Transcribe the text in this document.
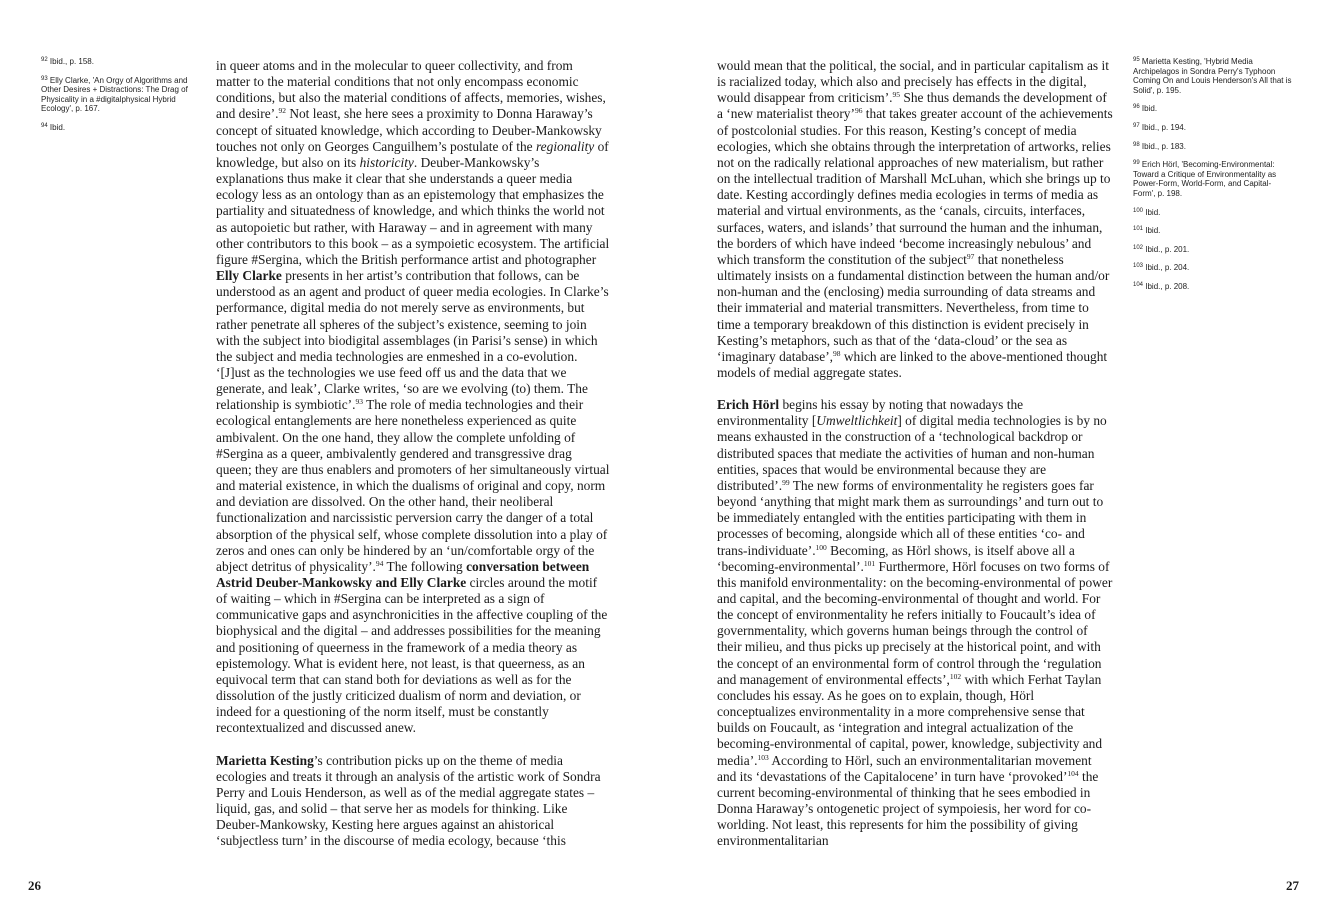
$^{92}$ Ibid., p. 158.
$^{93}$ Elly Clarke, 'An Orgy of Algorithms and Other Desires + Distractions: The Drag of Physicality in a #digitalphysical Hybrid Ecology', p. 167.
$^{94}$ Ibid.

in queer atoms and in the molecular to queer collectivity, and from matter to the material conditions that not only encompass economic conditions, but also the material conditions of affects, memories, wishes, and desire’.$^{92}$ Not least, she here sees a proximity to Donna Haraway’s concept of situated knowledge, which according to Deuber-Mankowsky touches not only on Georges Canguilhem’s postulate of the regionality of knowledge, but also on its historicity. Deuber-Mankowsky’s explanations thus make it clear that she understands a queer media ecology less as an ontology than as an epistemology that emphasizes the partiality and situatedness of knowledge, and which thinks the world not as autopoietic but rather, with Haraway – and in agreement with many other contributors to this book – as a sympoietic ecosystem. The artificial figure #Sergina, which the British performance artist and photographer Elly Clarke presents in her artist’s contribution that follows, can be understood as an agent and product of queer media ecologies. In Clarke’s performance, digital media do not merely serve as environments, but rather penetrate all spheres of the subject’s existence, seeming to join with the subject into biodigital assemblages (in Parisi’s sense) in which the subject and media technologies are enmeshed in a co-evolution. ‘[J]ust as the technologies we use feed off us and the data that we generate, and leak’, Clarke writes, ‘so are we evolving (to) them. The relationship is symbiotic’.$^{93}$ The role of media technologies and their ecological entanglements are here nonetheless experienced as quite ambivalent. On the one hand, they allow the complete unfolding of #Sergina as a queer, ambivalently gendered and transgressive drag queen; they are thus enablers and promoters of her simultaneously virtual and material existence, in which the dualisms of original and copy, norm and deviation are dissolved. On the other hand, their neoliberal functionalization and narcissistic perversion carry the danger of a total absorption of the physical self, whose complete dissolution into a play of zeros and ones can only be hindered by an ‘un/comfortable orgy of the abject detritus of physicality’.$^{94}$ The following conversation between Astrid Deuber-Mankowsky and Elly Clarke circles around the motif of waiting – which in #Sergina can be interpreted as a sign of communicative gaps and asynchronicities in the affective coupling of the biophysical and the digital – and addresses possibilities for the meaning and positioning of queerness in the framework of a media theory as epistemology. What is evident here, not least, is that queerness, as an equivocal term that can stand both for deviations as well as for the dissolution of the justly criticized dualism of norm and deviation, or indeed for a questioning of the norm itself, must be constantly recontextualized and discussed anew.

Marietta Kesting’s contribution picks up on the theme of media ecologies and treats it through an analysis of the artistic work of Sondra Perry and Louis Henderson, as well as of the medial aggregate states – liquid, gas, and solid – that serve her as models for thinking. Like Deuber-Mankowsky, Kesting here argues against an ahistorical ‘subjectless turn’ in the discourse of media ecology, because ‘this

26

would mean that the political, the social, and in particular capitalism as it is racialized today, which also and precisely has effects in the digital, would disappear from criticism’.$^{95}$ She thus demands the development of a ‘new materialist theory’$^{96}$ that takes greater account of the achievements of postcolonial studies. For this reason, Kesting’s concept of media ecologies, which she obtains through the interpretation of artworks, relies not on the radically relational approaches of new materialism, but rather on the intellectual tradition of Marshall McLuhan, which she brings up to date. Kesting accordingly defines media ecologies in terms of media as material and virtual environments, as the ‘canals, circuits, interfaces, surfaces, waters, and islands’ that surround the human and the inhuman, the borders of which have indeed ‘become increasingly nebulous’ and which transform the constitution of the subject$^{97}$ that nonetheless ultimately insists on a fundamental distinction between the human and/or non-human and the (enclosing) media surrounding of data streams and their immaterial and material transmitters. Nevertheless, from time to time a temporary breakdown of this distinction is evident precisely in Kesting’s metaphors, such as that of the ‘data-cloud’ or the sea as ‘imaginary database’,$^{98}$ which are linked to the above-mentioned thought models of medial aggregate states.

Erich Hörl begins his essay by noting that nowadays the environmentality [Umweltlichkeit] of digital media technologies is by no means exhausted in the construction of a ‘technological backdrop or distributed spaces that mediate the activities of human and non-human entities, spaces that would be environmental because they are distributed’.$^{99}$ The new forms of environmentality he registers goes far beyond ‘anything that might mark them as surroundings’ and turn out to be immediately entangled with the entities participating with them in processes of becoming, alongside which all of these entities ‘co- and trans-individuate’.$^{100}$ Becoming, as Hörl shows, is itself above all a ‘becoming-environmental’.$^{101}$ Furthermore, Hörl focuses on two forms of this manifold environmentality: on the becoming-environmental of power and capital, and the becoming-environmental of thought and world. For the concept of environmentality he refers initially to Foucault’s idea of governmentality, which governs human beings through the control of their milieu, and thus picks up precisely at the historical point, and with the concept of an environmental form of control through the ‘regulation and management of environmental effects’,$^{102}$ with which Ferhat Taylan concludes his essay. As he goes on to explain, though, Hörl conceptualizes environmentality in a more comprehensive sense that builds on Foucault, as ‘integration and integral actualization of the becoming-environmental of capital, power, knowledge, subjectivity and media’.$^{103}$ According to Hörl, such an environmentalitarian movement and its ‘devastations of the Capitalocene’ in turn have ‘provoked’$^{104}$ the current becoming-environmental of thinking that he sees embodied in Donna Haraway’s ontogenetic project of sympoiesis, her word for co-worlding. Not least, this represents for him the possibility of giving environmentalitarian

$^{95}$ Marietta Kesting, 'Hybrid Media Archipelagos in Sondra Perry's Typhoon Coming On and Louis Henderson's All that is Solid', p. 195.
$^{96}$ Ibid.
$^{97}$ Ibid., p. 194.
$^{98}$ Ibid., p. 183.
$^{99}$ Erich Hörl, 'Becoming-Environmental: Toward a Critique of Environmentality as Power-Form, World-Form, and Capital-Form', p. 198.
$^{100}$ Ibid.
$^{101}$ Ibid.
$^{102}$ Ibid., p. 201.
$^{103}$ Ibid., p. 204.
$^{104}$ Ibid., p. 208.
27
